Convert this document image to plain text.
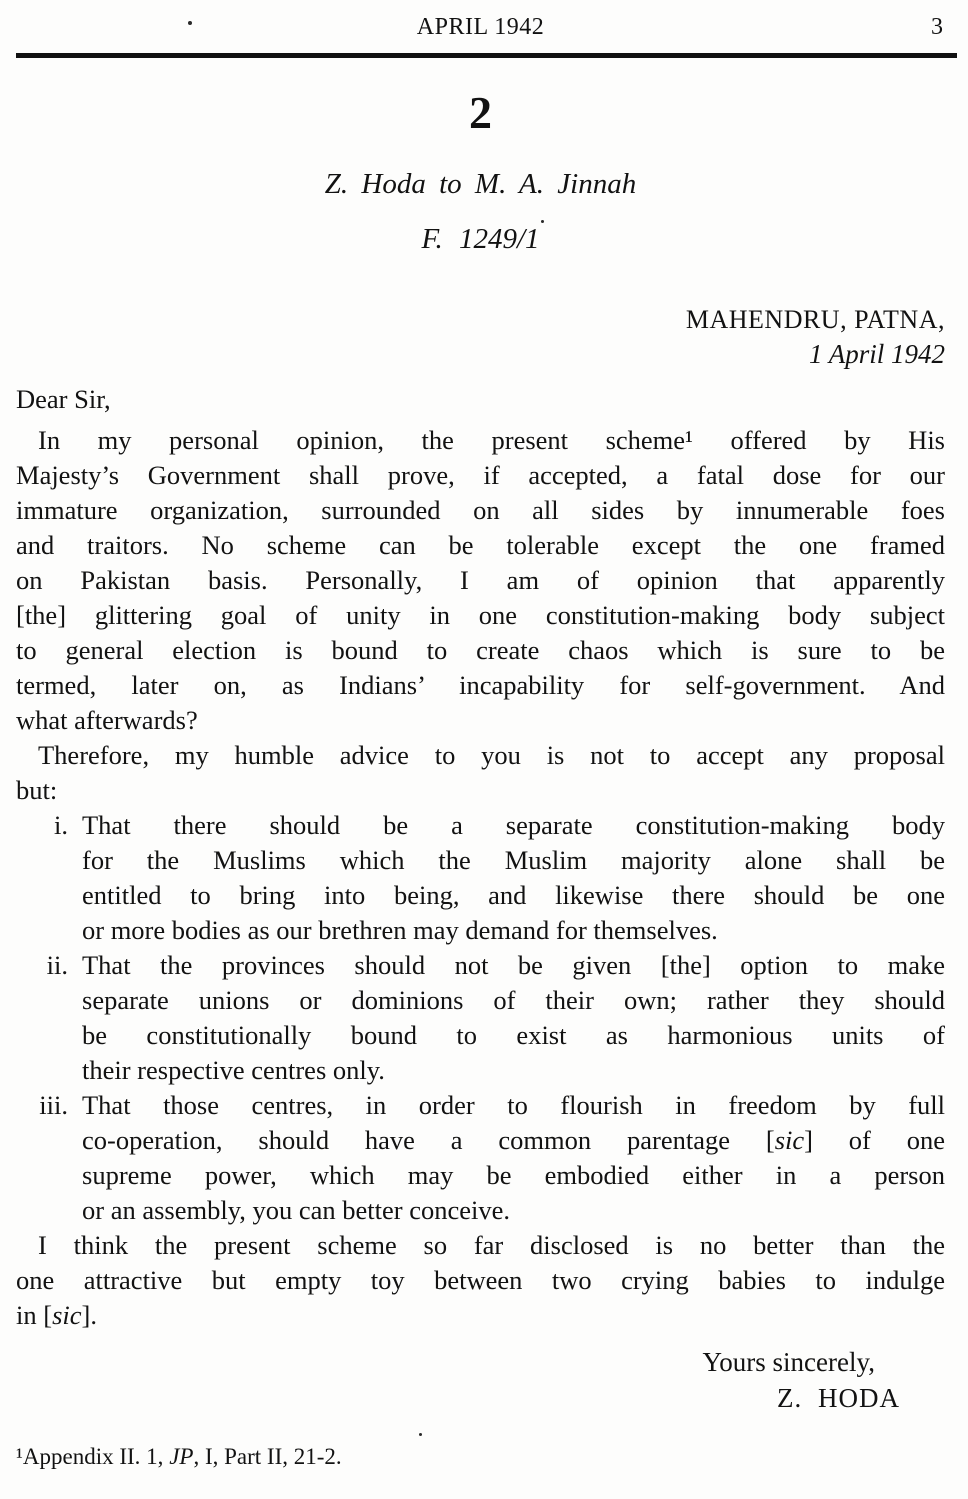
APRIL 1942	3
2
Z. Hoda to M. A. Jinnah
F. 1249/1
MAHENDRU, PATNA,
1 April 1942
Dear Sir,
In my personal opinion, the present scheme¹ offered by His
Majesty’s Government shall prove, if accepted, a fatal dose for our
immature organization, surrounded on all sides by innumerable foes
and traitors. No scheme can be tolerable except the one framed
on Pakistan basis. Personally, I am of opinion that apparently
[the] glittering goal of unity in one constitution-making body subject
to general election is bound to create chaos which is sure to be
termed, later on, as Indians’ incapability for self-government. And
what afterwards?
Therefore, my humble advice to you is not to accept any proposal
but:
i. That there should be a separate constitution-making body
for the Muslims which the Muslim majority alone shall be
entitled to bring into being, and likewise there should be one
or more bodies as our brethren may demand for themselves.
ii. That the provinces should not be given [the] option to make
separate unions or dominions of their own; rather they should
be constitutionally bound to exist as harmonious units of
their respective centres only.
iii. That those centres, in order to flourish in freedom by full
co-operation, should have a common parentage [sic] of one
supreme power, which may be embodied either in a person
or an assembly, you can better conceive.
I think the present scheme so far disclosed is no better than the
one attractive but empty toy between two crying babies to indulge
in [sic].
Yours sincerely,
Z. HODA
¹Appendix II. 1, JP, I, Part II, 21-2.
